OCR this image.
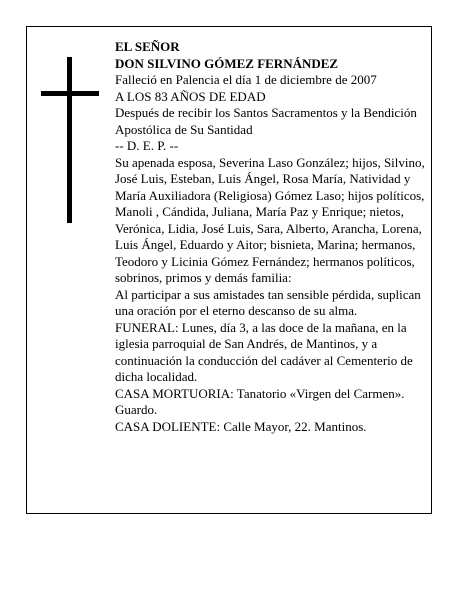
EL SEÑOR

DON SILVINO GÓMEZ FERNÁNDEZ

Falleció en Palencia el día 1 de diciembre de 2007

A LOS 83 AÑOS DE EDAD

Después de recibir los Santos Sacramentos y la Bendición Apostólica de Su Santidad

-- D. E. P. --

Su apenada esposa, Severina Laso González; hijos, Silvino, José Luis, Esteban, Luis Ángel, Rosa María, Natividad y María Auxiliadora (Religiosa) Gómez Laso; hijos políticos, Manoli , Cándida, Juliana, María Paz y Enrique; nietos, Verónica, Lidia, José Luis, Sara, Alberto, Arancha, Lorena, Luis Ángel, Eduardo y Aitor; bisnieta, Marina; hermanos, Teodoro y Licinia Gómez Fernández; hermanos políticos, sobrinos, primos y demás familia:

Al participar a sus amistades tan sensible pérdida, suplican una oración por el eterno descanso de su alma.

FUNERAL: Lunes, día 3, a las doce de la mañana, en la iglesia parroquial de San Andrés, de Mantinos, y a continuación la conducción del cadáver al Cementerio de dicha localidad.

CASA MORTUORIA: Tanatorio «Virgen del Carmen». Guardo.

CASA DOLIENTE: Calle Mayor, 22. Mantinos.
